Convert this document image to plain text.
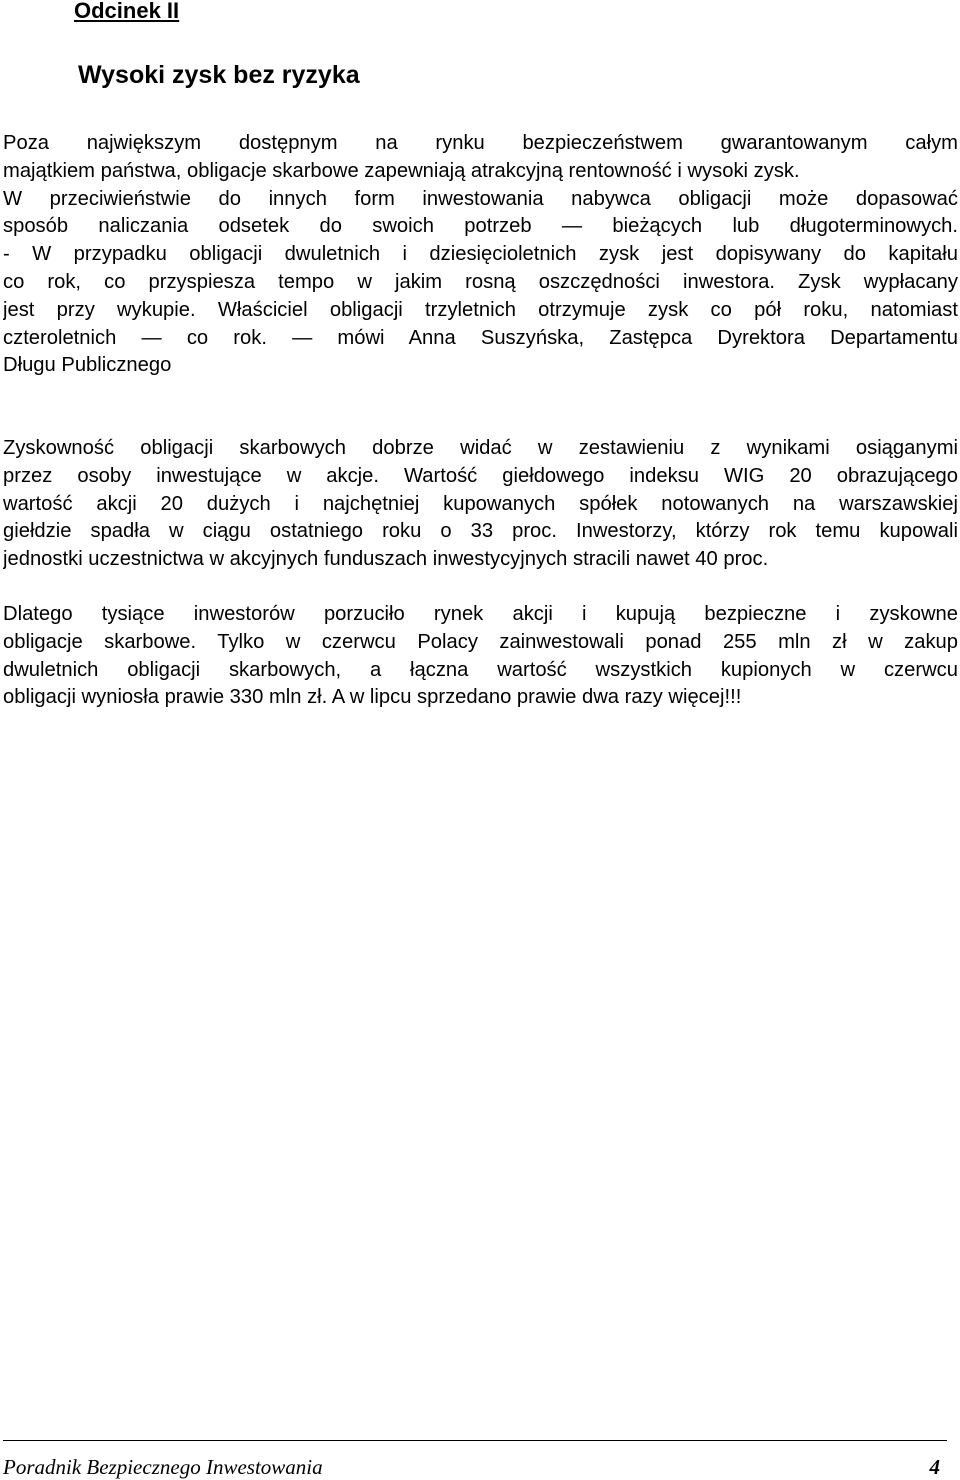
Odcinek II
Wysoki zysk bez ryzyka
Poza największym dostępnym na rynku bezpieczeństwem gwarantowanym całym
majątkiem państwa, obligacje skarbowe zapewniają atrakcyjną rentowność i wysoki zysk.
W przeciwieństwie do innych form inwestowania nabywca obligacji może dopasować
sposób naliczania odsetek do swoich potrzeb — bieżących lub długoterminowych.
- W przypadku obligacji dwuletnich i dziesięcioletnich zysk jest dopisywany do kapitału
co rok, co przyspiesza tempo w jakim rosną oszczędności inwestora. Zysk wypłacany
jest przy wykupie. Właściciel obligacji trzyletnich otrzymuje zysk co pół roku, natomiast
czteroletnich — co rok. — mówi Anna Suszyńska, Zastępca Dyrektora Departamentu
Długu Publicznego
Zyskowność obligacji skarbowych dobrze widać w zestawieniu z wynikami osiąganymi
przez osoby inwestujące w akcje. Wartość giełdowego indeksu WIG 20 obrazującego
wartość akcji 20 dużych i najchętniej kupowanych spółek notowanych na warszawskiej
giełdzie spadła w ciągu ostatniego roku o 33 proc. Inwestorzy, którzy rok temu kupowali
jednostki uczestnictwa w akcyjnych funduszach inwestycyjnych stracili nawet 40 proc.
Dlatego tysiące inwestorów porzuciło rynek akcji i kupują bezpieczne i zyskowne
obligacje skarbowe. Tylko w czerwcu Polacy zainwestowali ponad 255 mln zł w zakup
dwuletnich obligacji skarbowych, a łączna wartość wszystkich kupionych w czerwcu
obligacji wyniosła prawie 330 mln zł. A w lipcu sprzedano prawie dwa razy więcej!!!
Poradnik Bezpiecznego Inwestowania	4
